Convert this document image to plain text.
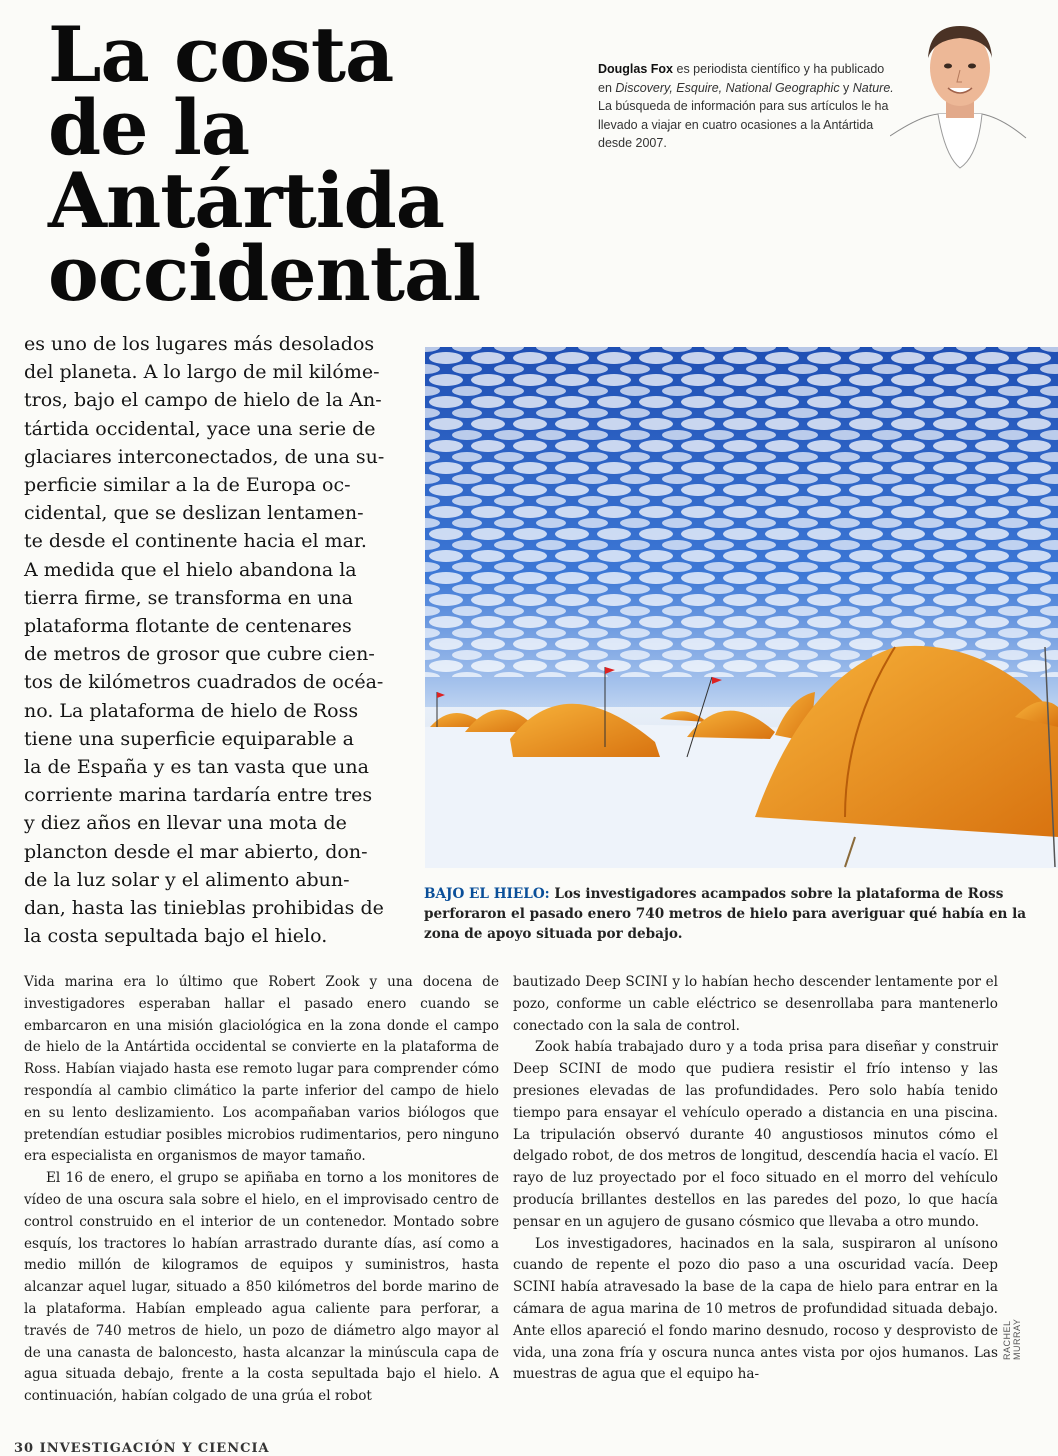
La costa
de la
Antártida
occidental
Douglas Fox es periodista científico y ha publicado
en Discovery, Esquire, National Geographic y Nature.
La búsqueda de información para sus artículos le ha
llevado a viajar en cuatro ocasiones a la Antártida
desde 2007.

es uno de los lugares más desolados
del planeta. A lo largo de mil kilóme-
tros, bajo el campo de hielo de la An-
tártida occidental, yace una serie de
glaciares interconectados, de una su-
perficie similar a la de Europa oc-
cidental, que se deslizan lentamen-
te desde el continente hacia el mar.
A medida que el hielo abandona la
tierra firme, se transforma en una
plataforma flotante de centenares
de metros de grosor que cubre cien-
tos de kilómetros cuadrados de océa-
no. La plataforma de hielo de Ross
tiene una superficie equiparable a
la de España y es tan vasta que una
corriente marina tardaría entre tres
y diez años en llevar una mota de
plancton desde el mar abierto, don-
de la luz solar y el alimento abun-
dan, hasta las tinieblas prohibidas de
la costa sepultada bajo el hielo.

BAJO EL HIELO: Los investigadores acampados sobre la plataforma de Ross perforaron el pasado enero 740 metros de hielo para averiguar qué había en la zona de apoyo situada por debajo.

Vida marina era lo último que Robert Zook y una docena de investigadores esperaban hallar el pasado enero cuando se embarcaron en una misión glaciológica en la zona donde el campo de hielo de la Antártida occidental se convierte en la plataforma de Ross. Habían viajado hasta ese remoto lugar para comprender cómo respondía al cambio climático la parte inferior del campo de hielo en su lento deslizamiento. Los acompañaban varios biólogos que pretendían estudiar posibles microbios rudimentarios, pero ninguno era especialista en organismos de mayor tamaño.

El 16 de enero, el grupo se apiñaba en torno a los monitores de vídeo de una oscura sala sobre el hielo, en el improvisado centro de control construido en el interior de un contenedor. Montado sobre esquís, los tractores lo habían arrastrado durante días, así como a medio millón de kilogramos de equipos y suministros, hasta alcanzar aquel lugar, situado a 850 kilómetros del borde marino de la plataforma. Habían empleado agua caliente para perforar, a través de 740 metros de hielo, un pozo de diámetro algo mayor al de una canasta de baloncesto, hasta alcanzar la minúscula capa de agua situada debajo, frente a la costa sepultada bajo el hielo. A continuación, habían colgado de una grúa el robot

bautizado Deep SCINI y lo habían hecho descender lentamente por el pozo, conforme un cable eléctrico se desenrollaba para mantenerlo conectado con la sala de control.

Zook había trabajado duro y a toda prisa para diseñar y construir Deep SCINI de modo que pudiera resistir el frío intenso y las presiones elevadas de las profundidades. Pero solo había tenido tiempo para ensayar el vehículo operado a distancia en una piscina. La tripulación observó durante 40 angustiosos minutos cómo el delgado robot, de dos metros de longitud, descendía hacia el vacío. El rayo de luz proyectado por el foco situado en el morro del vehículo producía brillantes destellos en las paredes del pozo, lo que hacía pensar en un agujero de gusano cósmico que llevaba a otro mundo.

Los investigadores, hacinados en la sala, suspiraron al unísono cuando de repente el pozo dio paso a una oscuridad vacía. Deep SCINI había atravesado la base de la capa de hielo para entrar en la cámara de agua marina de 10 metros de profundidad situada debajo. Ante ellos apareció el fondo marino desnudo, rocoso y desprovisto de vida, una zona fría y oscura nunca antes vista por ojos humanos. Las muestras de agua que el equipo ha-

RACHEL MURRAY
30 INVESTIGACIÓN Y CIENCIA
